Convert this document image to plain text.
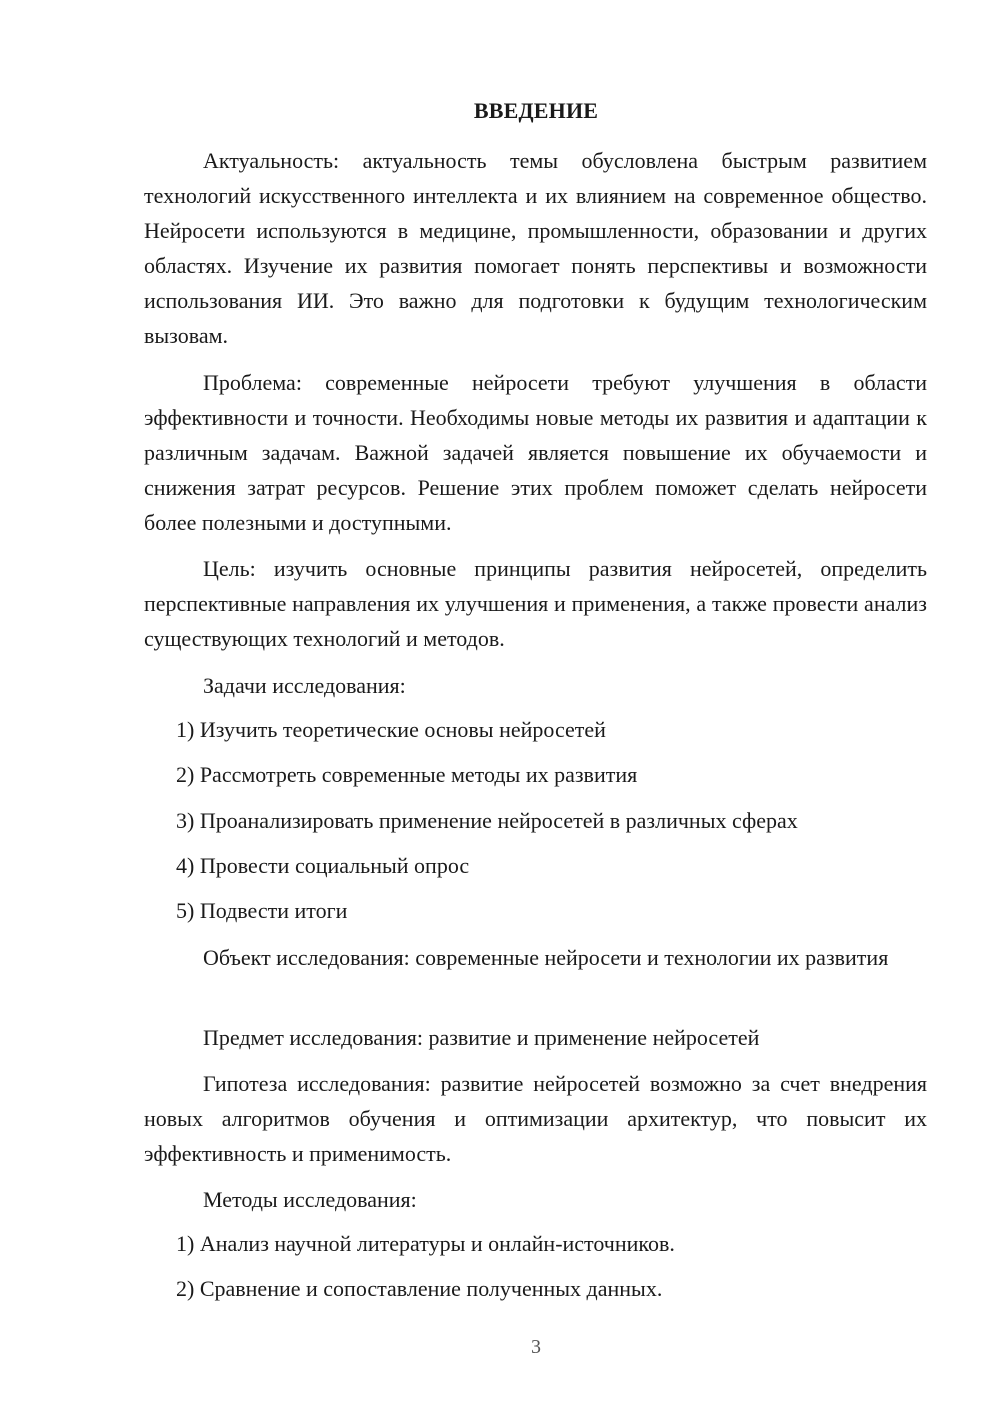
ВВЕДЕНИЕ

Актуальность: актуальность темы обусловлена быстрым развитием технологий искусственного интеллекта и их влиянием на современное общество. Нейросети используются в медицине, промышленности, образовании и других областях. Изучение их развития помогает понять перспективы и возможности использования ИИ. Это важно для подготовки к будущим технологическим вызовам.

Проблема: современные нейросети требуют улучшения в области эффективности и точности. Необходимы новые методы их развития и адаптации к различным задачам. Важной задачей является повышение их обучаемости и снижения затрат ресурсов. Решение этих проблем поможет сделать нейросети более полезными и доступными.

Цель: изучить основные принципы развития нейросетей, определить перспективные направления их улучшения и применения, а также провести анализ существующих технологий и методов.

Задачи исследования:

1) Изучить теоретические основы нейросетей

2) Рассмотреть современные методы их развития

3) Проанализировать применение нейросетей в различных сферах

4) Провести социальный опрос

5) Подвести итоги

Объект исследования: современные нейросети и технологии их развития

Предмет исследования: развитие и применение нейросетей

Гипотеза исследования: развитие нейросетей возможно за счет внедрения новых алгоритмов обучения и оптимизации архитектур, что повысит их эффективность и применимость.

Методы исследования:

1) Анализ научной литературы и онлайн-источников.

2) Сравнение и сопоставление полученных данных.

3
